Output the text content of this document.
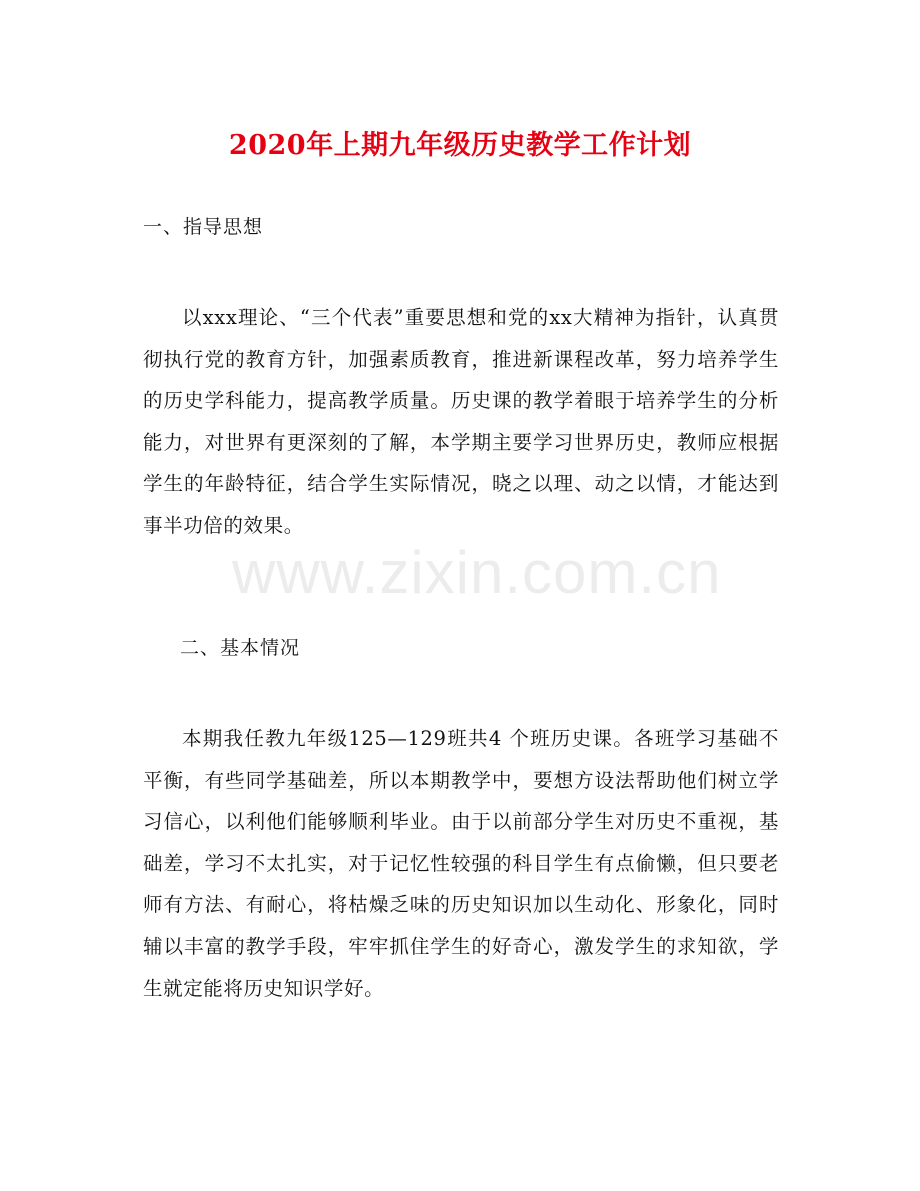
2020年上期九年级历史教学工作计划
一、指导思想

以xxx理论、“三个代表”重要思想和党的xx大精神为指针，认真贯彻执行党的教育方针，加强素质教育，推进新课程改革，努力培养学生的历史学科能力，提高教学质量。历史课的教学着眼于培养学生的分析能力，对世界有更深刻的了解，本学期主要学习世界历史，教师应根据学生的年龄特征，结合学生实际情况，晓之以理、动之以情，才能达到事半功倍的效果。

www.zixin.com.cn
二、基本情况

本期我任教九年级125—129班共4 个班历史课。各班学习基础不平衡，有些同学基础差，所以本期教学中，要想方设法帮助他们树立学习信心，以利他们能够顺利毕业。由于以前部分学生对历史不重视，基础差，学习不太扎实，对于记忆性较强的科目学生有点偷懒，但只要老师有方法、有耐心，将枯燥乏味的历史知识加以生动化、形象化，同时辅以丰富的教学手段，牢牢抓住学生的好奇心，激发学生的求知欲，学生就定能将历史知识学好。
